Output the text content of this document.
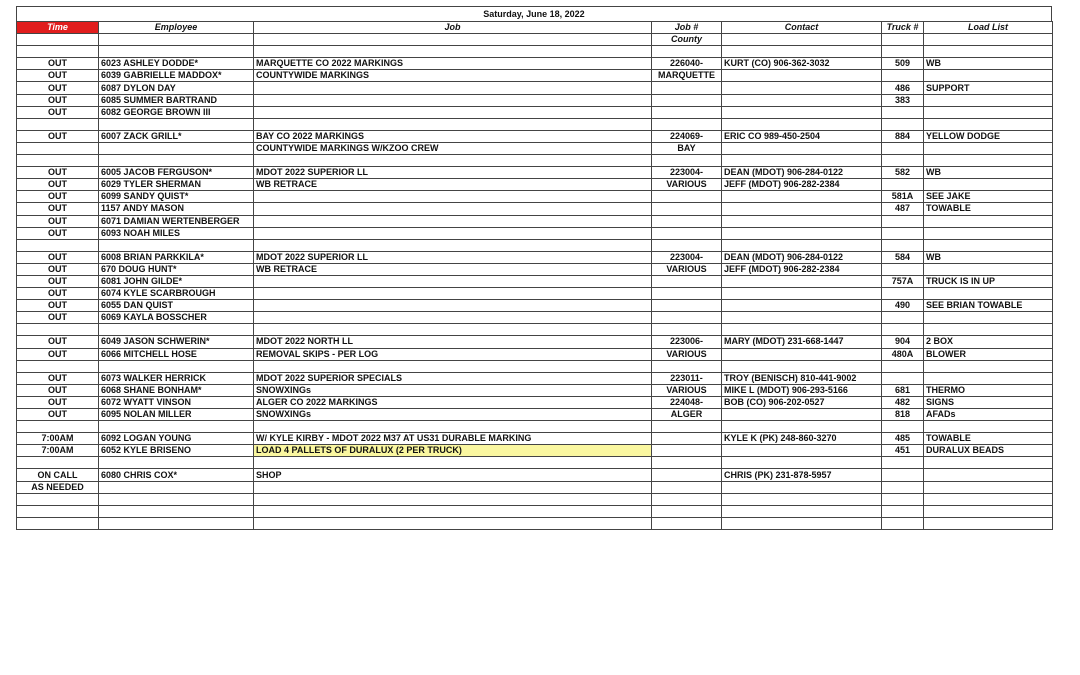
Saturday, June 18, 2022
Time	Employee	Job	Job #	Contact	Truck #	Load List
			County			

OUT	6023 ASHLEY DODDE*	MARQUETTE CO 2022 MARKINGS	226040-	KURT (CO) 906-362-3032	509	WB
OUT	6039 GABRIELLE MADDOX*	COUNTYWIDE MARKINGS	MARQUETTE			
OUT	6087 DYLON DAY				486	SUPPORT
OUT	6085 SUMMER BARTRAND				383	
OUT	6082 GEORGE BROWN III					

OUT	6007 ZACK GRILL*	BAY CO 2022 MARKINGS	224069-	ERIC CO 989-450-2504	884	YELLOW DODGE
		COUNTYWIDE MARKINGS W/KZOO CREW	BAY			

OUT	6005 JACOB FERGUSON*	MDOT 2022 SUPERIOR LL	223004-	DEAN (MDOT) 906-284-0122	582	WB
OUT	6029 TYLER SHERMAN	WB RETRACE	VARIOUS	JEFF (MDOT) 906-282-2384		
OUT	6099 SANDY QUIST*				581A	SEE JAKE
OUT	1157 ANDY MASON				487	TOWABLE
OUT	6071 DAMIAN WERTENBERGER					
OUT	6093 NOAH MILES					

OUT	6008 BRIAN PARKKILA*	MDOT 2022 SUPERIOR LL	223004-	DEAN (MDOT) 906-284-0122	584	WB
OUT	670 DOUG HUNT*	WB RETRACE	VARIOUS	JEFF (MDOT) 906-282-2384		
OUT	6081 JOHN GILDE*				757A	TRUCK IS IN UP
OUT	6074 KYLE SCARBROUGH					
OUT	6055 DAN QUIST				490	SEE BRIAN TOWABLE
OUT	6069 KAYLA BOSSCHER					

OUT	6049 JASON SCHWERIN*	MDOT 2022 NORTH LL	223006-	MARY (MDOT) 231-668-1447	904	2 BOX
OUT	6066 MITCHELL HOSE	REMOVAL SKIPS - PER LOG	VARIOUS		480A	BLOWER

OUT	6073 WALKER HERRICK	MDOT 2022 SUPERIOR SPECIALS	223011-	TROY (BENISCH) 810-441-9002		
OUT	6068 SHANE BONHAM*	SNOWXINGs	VARIOUS	MIKE L (MDOT) 906-293-5166	681	THERMO
OUT	6072 WYATT VINSON	ALGER CO 2022 MARKINGS	224048-	BOB (CO) 906-202-0527	482	SIGNS
OUT	6095 NOLAN MILLER	SNOWXINGs	ALGER		818	AFADs

7:00AM	6092 LOGAN YOUNG	W/ KYLE KIRBY - MDOT 2022 M37 AT US31 DURABLE MARKING		KYLE K (PK) 248-860-3270	485	TOWABLE
7:00AM	6052 KYLE BRISENO	LOAD 4 PALLETS OF DURALUX (2 PER TRUCK)			451	DURALUX BEADS

ON CALL	6080 CHRIS COX*	SHOP		CHRIS (PK) 231-878-5957		
AS NEEDED						
